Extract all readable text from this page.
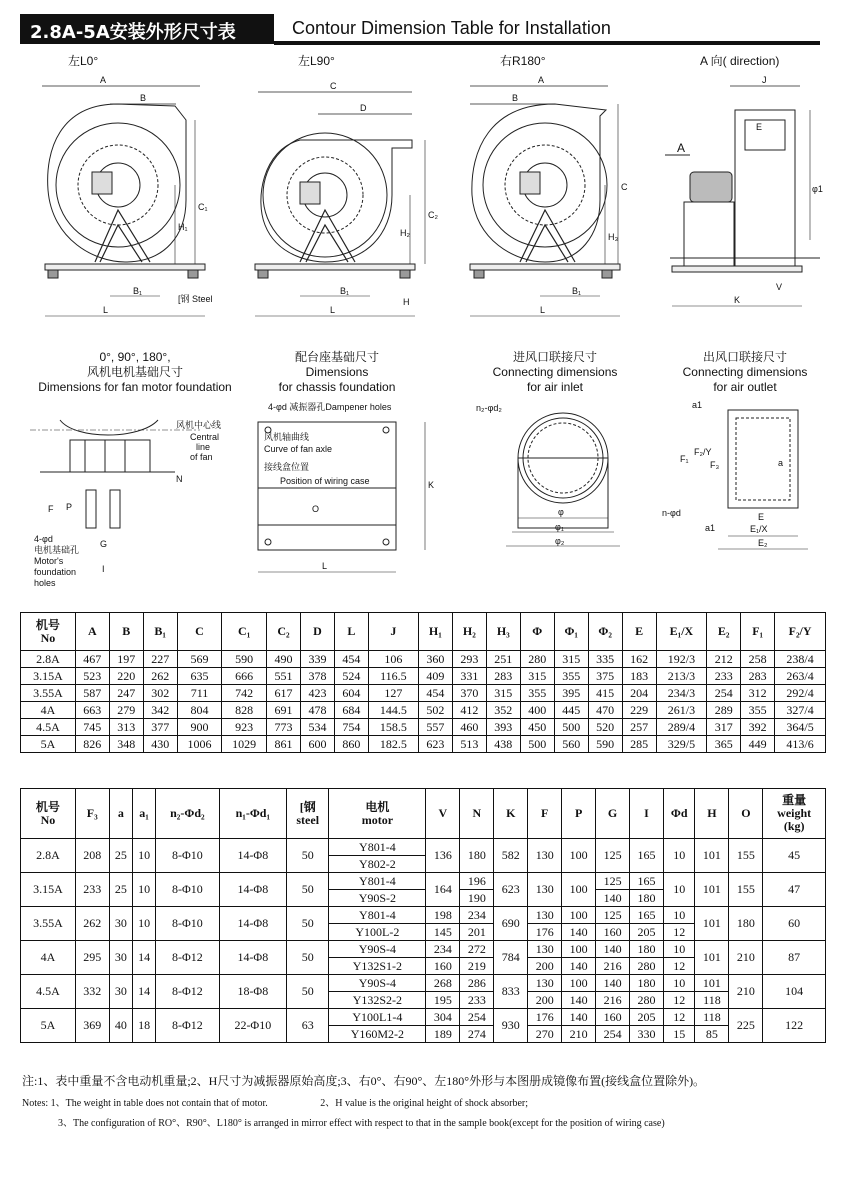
2.8A-5A安装外形尺寸表	Contour Dimension Table for Installation
左L0°	左L90°	右R180°	A 向( direction)
0°, 90°, 180°,
风机电机基础尺寸
Dimensions for fan motor foundation
配台座基础尺寸
Dimensions
for chassis foundation
进风口联接尺寸
Connecting dimensions
for air inlet
出风口联接尺寸
Connecting dimensions
for air outlet
A
B
H₁
C₁
B₁
L
[钢 Steel
C
D
H₂
C₂
B₁
L
H
A
B
H₃
C
B₁
L
J
E
A
φ1
K
V
风机中心线
Central
line
of fan
N
F P
G
I
4-φd
电机基础孔
Motor's
foundation
holes
4-φd 减振器孔Dampener holes
风机轴曲线
Curve of fan axle
接线盒位置
Position of wiring case
O
L
K
n₂-φd₂
φ
φ₁
φ₂
a1
F₁
F₂/Y
F₃	a
n-φd	E
a1	E₁/X
E₂
机号
No	A	B	B₁	C	C₁	C₂	D	L	J	H₁	H₂	H₃	Φ	Φ₁	Φ₂	E	E₁/X	E₂	F₁	F₂/Y
2.8A	467	197	227	569	590	490	339	454	106	360	293	251	280	315	335	162	192/3	212	258	238/4
3.15A	523	220	262	635	666	551	378	524	116.5	409	331	283	315	355	375	183	213/3	233	283	263/4
3.55A	587	247	302	711	742	617	423	604	127	454	370	315	355	395	415	204	234/3	254	312	292/4
4A	663	279	342	804	828	691	478	684	144.5	502	412	352	400	445	470	229	261/3	289	355	327/4
4.5A	745	313	377	900	923	773	534	754	158.5	557	460	393	450	500	520	257	289/4	317	392	364/5
5A	826	348	430	1006	1029	861	600	860	182.5	623	513	438	500	560	590	285	329/5	365	449	413/6
机号
No	F₃	a	a₁	n₂-Φd₂	n₁-Φd₁	[钢
steel	电机
motor	V	N	K	F	P	G	I	Φd	H	O	重量
weight
(kg)
2.8A	208	25	10	8-Φ10	14-Φ8	50	Y801-4	136	180	582	130	100	125	165	10	101	155	45
							Y802-2											
3.15A	233	25	10	8-Φ10	14-Φ8	50	Y801-4	164	196	623	130	100	125	165	10	101	155	47
							Y90S-2		190				140	180				
3.55A	262	30	10	8-Φ10	14-Φ8	50	Y801-4	198	234	690	130	100	125	165	10	101	180	60
							Y100L-2	145	201		176	140	160	205	12			
4A	295	30	14	8-Φ12	14-Φ8	50	Y90S-4	234	272	784	130	100	140	180	10	101	210	87
							Y132S1-2	160	219		200	140	216	280	12			
4.5A	332	30	14	8-Φ12	18-Φ8	50	Y90S-4	268	286	833	130	100	140	180	10	101	210	104
							Y132S2-2	195	233		200	140	216	280	12	118		
5A	369	40	18	8-Φ12	22-Φ10	63	Y100L1-4	304	254	930	176	140	160	205	12	118	225	122
							Y160M2-2	189	274		270	210	254	330	15	85		
注:1、表中重量不含电动机重量;2、H尺寸为减振器原始高度;3、右0°、右90°、左180°外形与本图册成镜像布置(接线盒位置除外)。
Notes: 1、The weight in table does not contain that of motor.	2、H value is the original height of shock absorber;
3、The configuration of RO°、R90°、L180° is arranged in mirror effect with respect to that in the sample book(except for the position of wiring case)
